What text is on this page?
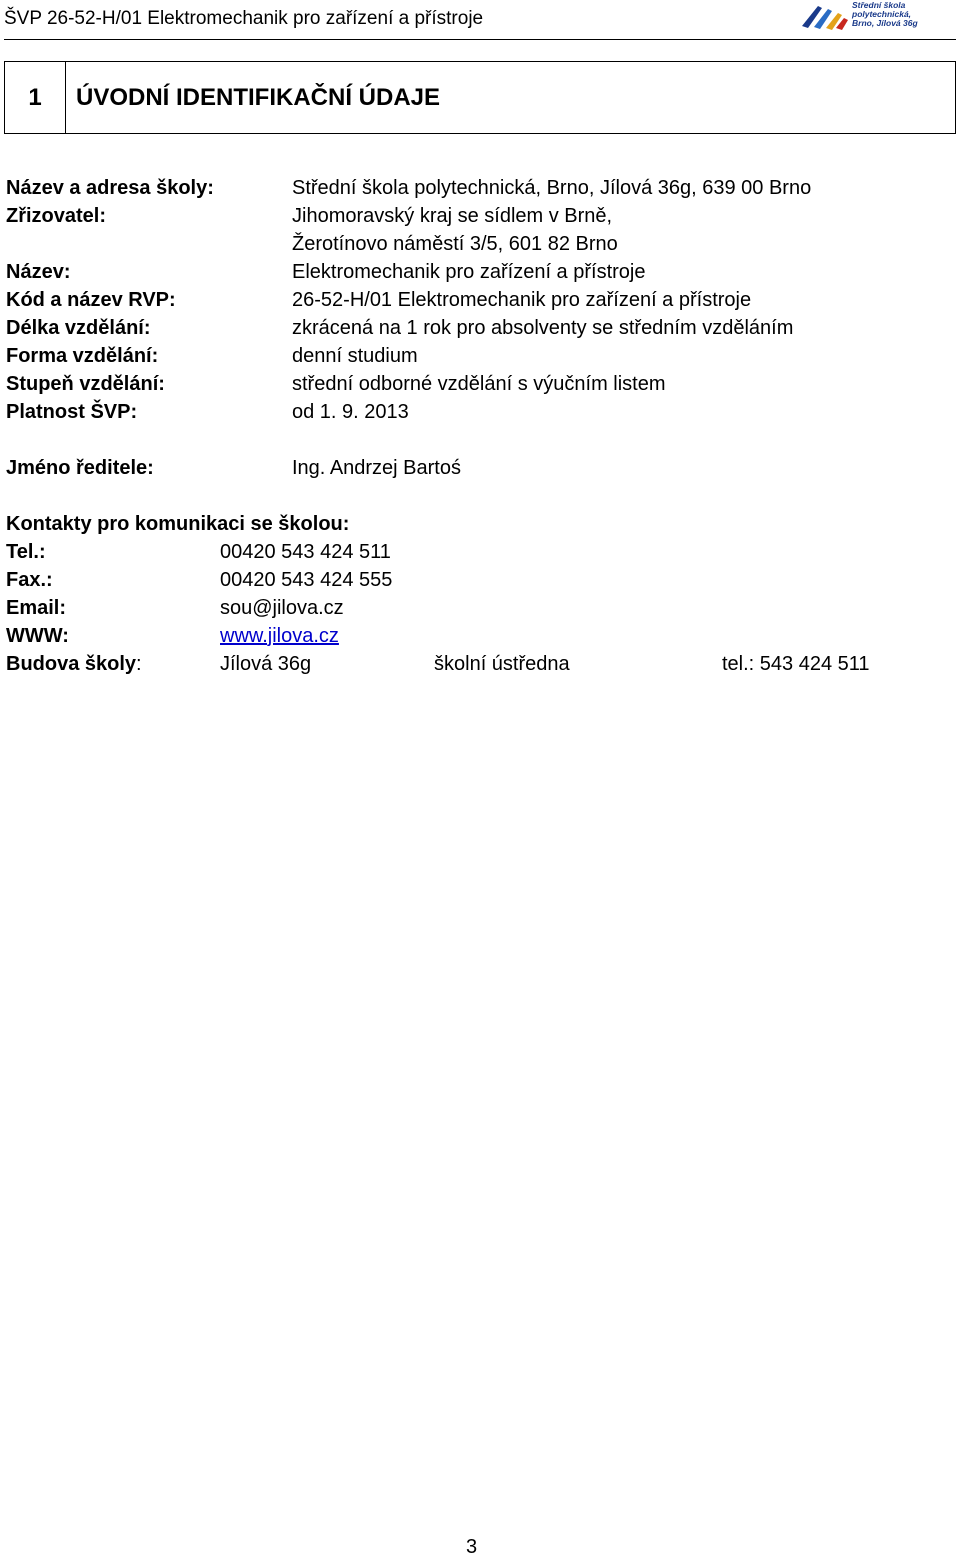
ŠVP 26-52-H/01 Elektromechanik pro zařízení a přístroje
Střední škola
polytechnická,
Brno, Jílová 36g
1	ÚVODNÍ IDENTIFIKAČNÍ ÚDAJE
Název a adresa školy:	Střední škola polytechnická, Brno, Jílová 36g, 639 00 Brno
Zřizovatel:	Jihomoravský kraj se sídlem v Brně,
Žerotínovo náměstí 3/5, 601 82 Brno
Název:	Elektromechanik pro zařízení a přístroje
Kód a název RVP:	26-52-H/01 Elektromechanik pro zařízení a přístroje
Délka vzdělání:	zkrácená na 1 rok pro absolventy se středním vzděláním
Forma vzdělání:	denní studium
Stupeň vzdělání:	střední odborné vzdělání s výučním listem
Platnost ŠVP:	od 1. 9. 2013
Jméno ředitele:	Ing. Andrzej Bartoś
Kontakty pro komunikaci se školou:
Tel.:	00420 543 424 511
Fax.:	00420 543 424 555
Email:	sou@jilova.cz
WWW:	www.jilova.cz
Budova školy:	Jílová 36g	školní ústředna	tel.: 543 424 511
3
